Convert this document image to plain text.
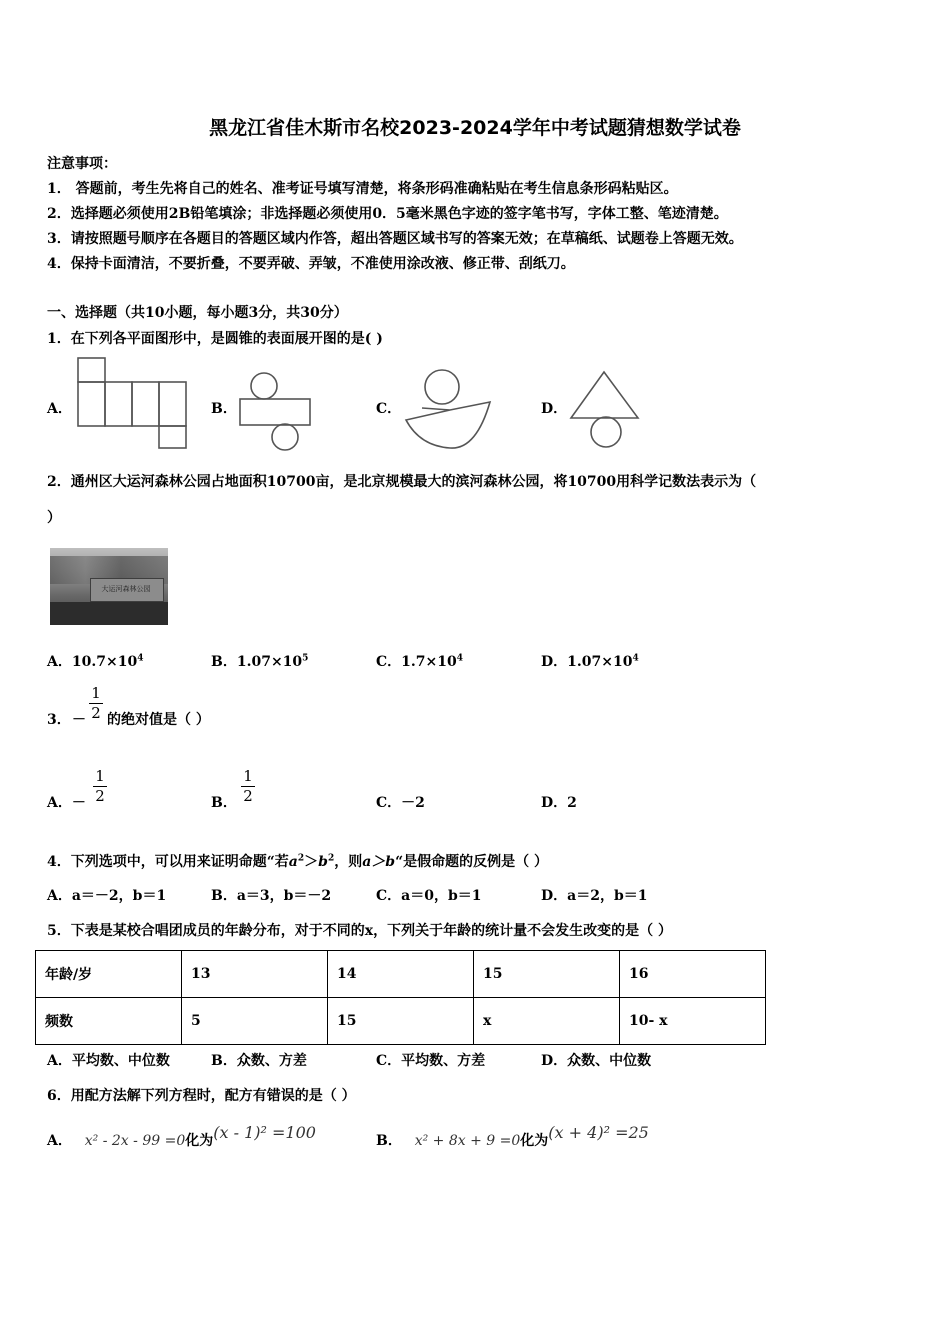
黑龙江省佳木斯市名校2023-2024学年中考试题猜想数学试卷
注意事项：
1． 答题前，考生先将自己的姓名、准考证号填写清楚，将条形码准确粘贴在考生信息条形码粘贴区。
2．选择题必须使用2B铅笔填涂；非选择题必须使用0．5毫米黑色字迹的签字笔书写，字体工整、笔迹清楚。
3．请按照题号顺序在各题目的答题区域内作答，超出答题区域书写的答案无效；在草稿纸、试题卷上答题无效。
4．保持卡面清洁，不要折叠，不要弄破、弄皱，不准使用涂改液、修正带、刮纸刀。
一、选择题（共10小题，每小题3分，共30分）
1．在下列各平面图形中，是圆锥的表面展开图的是( )
A．	B．	C．	D．
2．通州区大运河森林公园占地面积10700亩，是北京规模最大的滨河森林公园，将10700用科学记数法表示为（
）
大运河森林公园
A．$10.7\times 10^4$	B．$1.07\times 10^5$	C．$1.7\times 10^4$	D．$1.07\times 10^4$
3． －
1
2 的绝对值是（ ）
A．－
1
2	B．
1
2	C．－2	D．2
4．下列选项中，可以用来证明命题“若$a^2>b^2$，则a＞b“是假命题的反例是（ ）
A．a＝－2，b＝1	B．a＝3，b＝－2	C．a＝0，b＝1	D．a＝2，b＝1
5．下表是某校合唱团成员的年龄分布，对于不同的x，下列关于年龄的统计量不会发生改变的是（ ）
年龄/岁	13	14	15	16
频数	5	15	x	10- x
A．平均数、中位数	B．众数、方差	C．平均数、方差	D．众数、中位数
6．用配方法解下列方程时，配方有错误的是（ ）
A． x² - 2x - 99 =0化为(x - 1)² =100	B． x² + 8x + 9 =0化为(x + 4)² =25
